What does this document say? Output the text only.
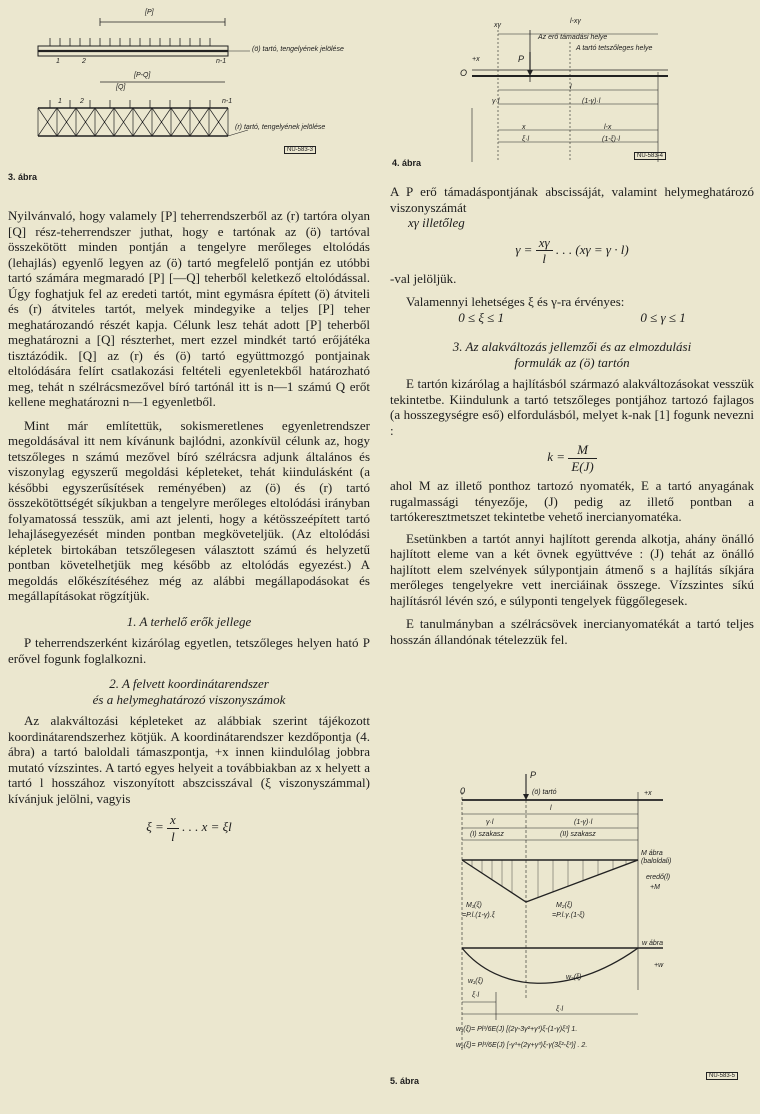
[P]
(ö) tartó, tengelyének jelölése
1	2	n-1
[P-Q]
[Q]
1	2	n-1
(r) tartó, tengelyének jelölése
NU-583-3
3. ábra
xγ
l-xγ
Az erő támadási helye
A tartó tetszőleges helye
P
O
+x
l
γ·l	(1-γ)·l
x	l-x
ξ·l	(1-ξ)·l
NU-583-4
4. ábra

Nyilvánvaló, hogy valamely [P] teherrendszerből az (r) tartóra olyan [Q] rész-teherrendszer juthat, hogy e tartónak az (ö) tartóval összekötött minden pontján a tengelyre merőleges eltolódás (lehajlás) egyenlő legyen az (ö) tartó megfelelő pontján ez utóbbi tartó számára megmaradó [P] [—Q] teherből keletkező eltolódással. Úgy foghatjuk fel az eredeti tartót, mint egymásra épített (ö) átviteli és (r) átviteles tartót, melyek mindegyike a teljes [P] teher meghatározandó részét kapja. Célunk lesz tehát adott [P] teherből meghatározni a [Q] részterhet, mert ezzel mindkét tartó erőjátéka tisztázódik. [Q] az (r) és (ö) tartó együttmozgó pontjainak eltolódására felírt csatlakozási feltételi egyenletekből határozható meg, tehát n szélrácsmezővel bíró tartónál itt is n—1 számú Q erőt kellene meghatározni n—1 egyenletből.

Mint már említettük, sokismeretlenes egyenletrendszer megoldásával itt nem kívánunk bajlódni, azonkívül célunk az, hogy tetszőleges n számú mezővel bíró szélrácsra adjunk általános és viszonylag egyszerű megoldási képleteket, tehát kiindulásként (a későbbi egyszerűsítések reményében) az (ö) és (r) tartó összekötöttségét síkjukban a tengelyre merőleges eltolódási irányban folyamatossá tesszük, ami azt jelenti, hogy a kétösszeépített tartó lehajlásegyezését minden pontban megköveteljük. (Az eltolódási képletek birtokában tetszőlegesen választott számú és helyzetű pontban követelhetjük meg később az eltolódás egyezést.) A megoldás előkészítéséhez még az alábbi megállapodásokat és megállapításokat rögzítjük.

1. A terhelő erők jellege

P teherrendszerként kizárólag egyetlen, tetszőleges helyen ható P erővel fogunk foglalkozni.

2. A felvett koordinátarendszer

és a helymeghatározó viszonyszámok

Az alakváltozási képleteket az alábbiak szerint tájékozott koordinátarendszerhez kötjük. A koordinátarendszer kezdőpontja (4. ábra) a tartó baloldali támaszpontja, +x innen kiindulólag jobbra mutató vízszintes. A tartó egyes helyeit a továbbiakban az x helyett a tartó l hosszához viszonyított abszcisszával (ξ viszonyszámmal) kívánjuk jelölni, vagyis

$\xi = \frac{x}{l}$ . . . x = ξl

A P erő támadáspontjának abscissáját, valamint helymeghatározó viszonyszámát

xγ illetőleg

$\gamma = \frac{x\gamma}{l}$ . . . (xγ = γ · l)

-val jelöljük.

Valamennyi lehetséges ξ és γ-ra érvényes:

0 ≤ ξ ≤ 1	0 ≤ γ ≤ 1

3. Az alakváltozás jellemzői és az elmozdulási

formulák az (ö) tartón

E tartón kizárólag a hajlításból származó alakváltozásokat vesszük tekintetbe. Kiindulunk a tartó tetszőleges pontjához tartozó fajlagos (a hosszegységre eső) elfordulásból, melyet k-nak [1] fogunk nevezni :

$k = \frac{M}{E(J)}$

ahol M az illető ponthoz tartozó nyomaték, E a tartó anyagának rugalmassági tényezője, (J) pedig az illető pontban a tartókeresztmetszet tekintetbe vehető inercianyomatéka.

Esetünkben a tartót annyi hajlított gerenda alkotja, ahány önálló hajlított eleme van a két övnek együttvéve : (J) tehát az önálló hajlított elem szelvények súlypontjain átmenő s a hajlítás síkjára merőleges tengelyekre vett inerciáinak összege. Vízszintes síkú hajlításról lévén szó, e súlyponti tengelyek függőlegesek.

E tanulmányban a szélrácsövek inercianyomatékát a tartó teljes hosszán állandónak tételezzük fel.

P
0	(ö) tartó	+x
l
γ·l	(1-γ)·l
(I) szakasz	(II) szakasz
M ábra (baloldali)
eredő(l)
+M
M₁(ξ)
=P.l.(1-γ).ξ
M₂(ξ)
=P.l.γ.(1-ξ)
w ábra
+w
w₁(ξ)
w₂(ξ)
ξ·l
ξ·l
w₁(ξ)= Pl³/6E(J) [(2γ-3γ²+γ³)ξ-(1-γ)ξ³] 1.
w₂(ξ)= Pl³/6E(J) [-γ³+(2γ+γ³)ξ-γ(3ξ²-ξ³)] . 2.
5. ábra	NU-583-5
